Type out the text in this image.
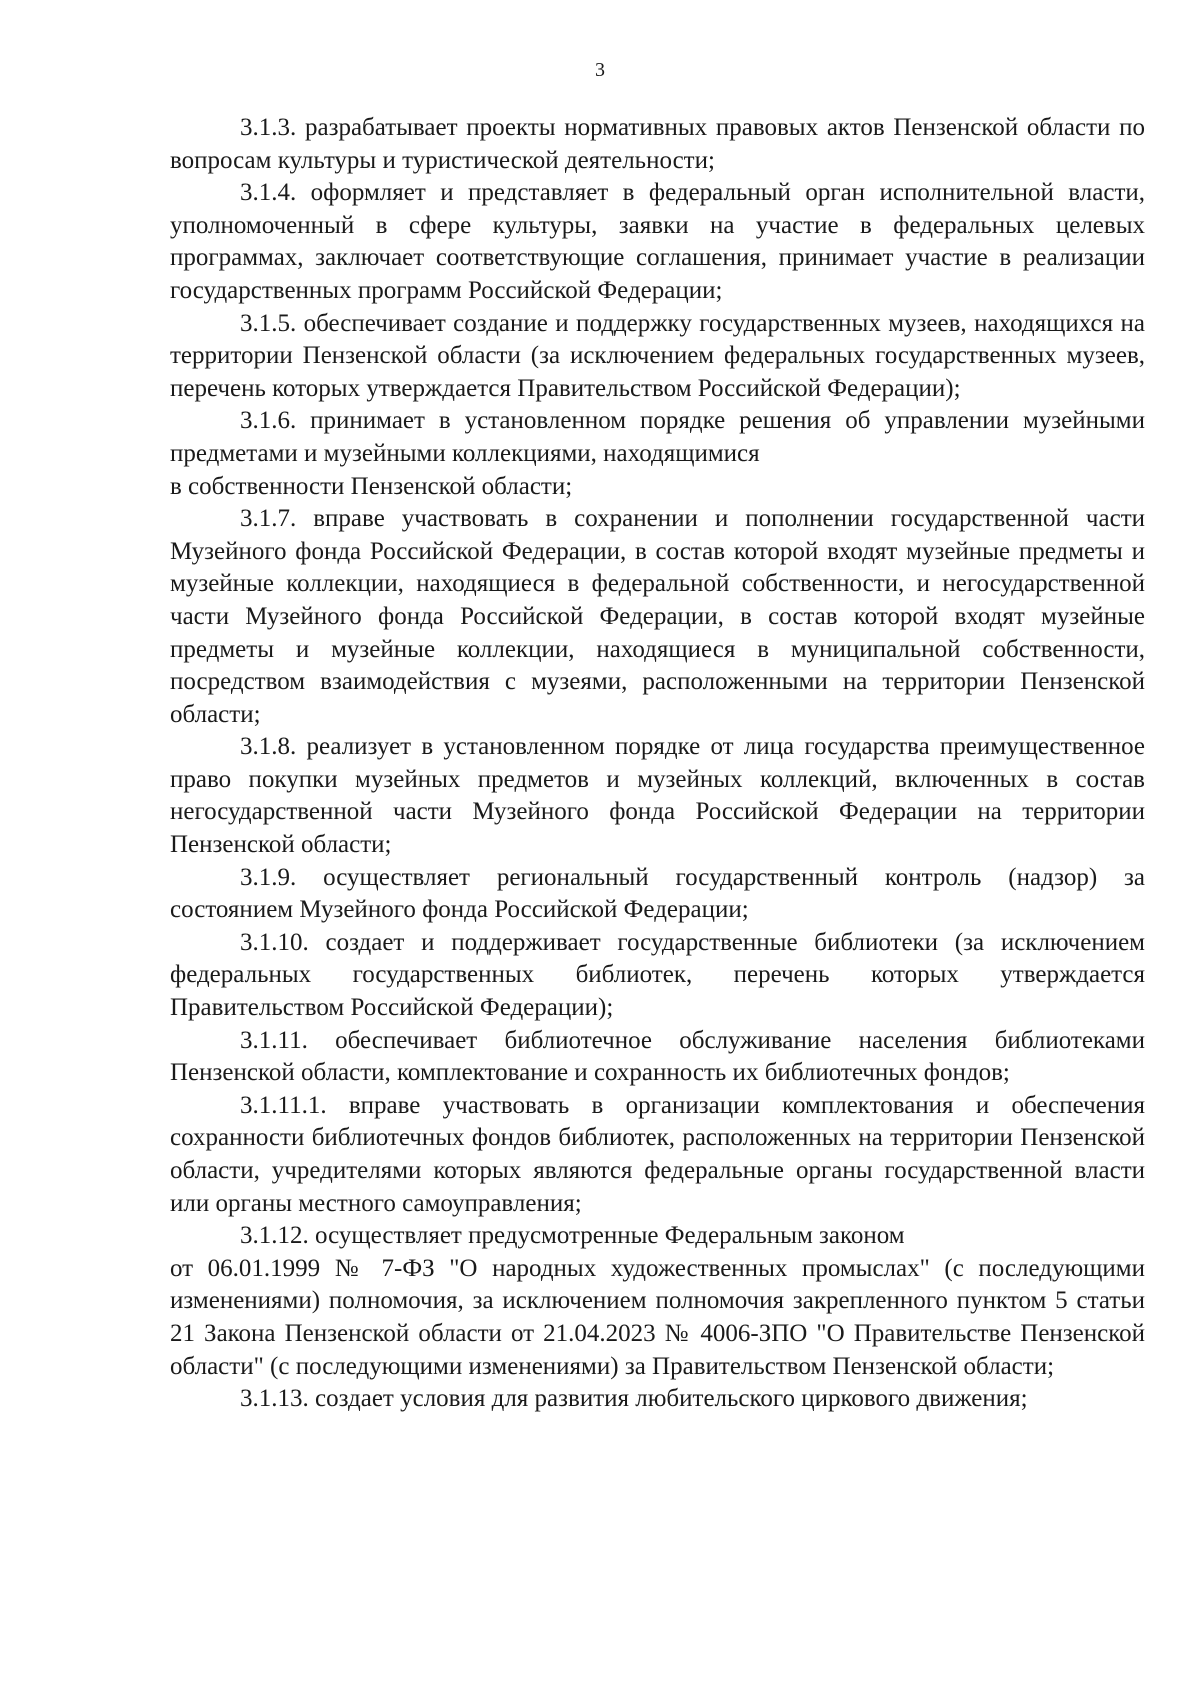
3

3.1.3. разрабатывает проекты нормативных правовых актов Пензенской области по вопросам культуры и туристической деятельности;

3.1.4. оформляет и представляет в федеральный орган исполнительной власти, уполномоченный в сфере культуры, заявки на участие в федеральных целевых программах, заключает соответствующие соглашения, принимает участие в реализации государственных программ Российской Федерации;

3.1.5. обеспечивает создание и поддержку государственных музеев, находящихся на территории Пензенской области (за исключением федеральных государственных музеев, перечень которых утверждается Правительством Российской Федерации);

3.1.6. принимает в установленном порядке решения об управлении музейными предметами и музейными коллекциями, находящимися
в собственности Пензенской области;

3.1.7. вправе участвовать в сохранении и пополнении государственной части Музейного фонда Российской Федерации, в состав которой входят музейные предметы и музейные коллекции, находящиеся в федеральной собственности, и негосударственной части Музейного фонда Российской Федерации, в состав которой входят музейные предметы и музейные коллекции, находящиеся в муниципальной собственности, посредством взаимодействия с музеями, расположенными на территории Пензенской области;

3.1.8. реализует в установленном порядке от лица государства преимущественное право покупки музейных предметов и музейных коллекций, включенных в состав негосударственной части Музейного фонда Российской Федерации на территории Пензенской области;

3.1.9. осуществляет региональный государственный контроль (надзор) за состоянием Музейного фонда Российской Федерации;

3.1.10. создает и поддерживает государственные библиотеки (за исключением федеральных государственных библиотек, перечень которых утверждается Правительством Российской Федерации);

3.1.11. обеспечивает библиотечное обслуживание населения библиотеками Пензенской области, комплектование и сохранность их библиотечных фондов;

3.1.11.1. вправе участвовать в организации комплектования и обеспечения сохранности библиотечных фондов библиотек, расположенных на территории Пензенской области, учредителями которых являются федеральные органы государственной власти или органы местного самоуправления;

3.1.12. осуществляет предусмотренные Федеральным законом
от 06.01.1999 № 7-ФЗ "О народных художественных промыслах" (с последующими изменениями) полномочия, за исключением полномочия закрепленного пунктом 5 статьи 21 Закона Пензенской области от 21.04.2023 № 4006-ЗПО "О Правительстве Пензенской области" (с последующими изменениями) за Правительством Пензенской области;

3.1.13. создает условия для развития любительского циркового движения;
